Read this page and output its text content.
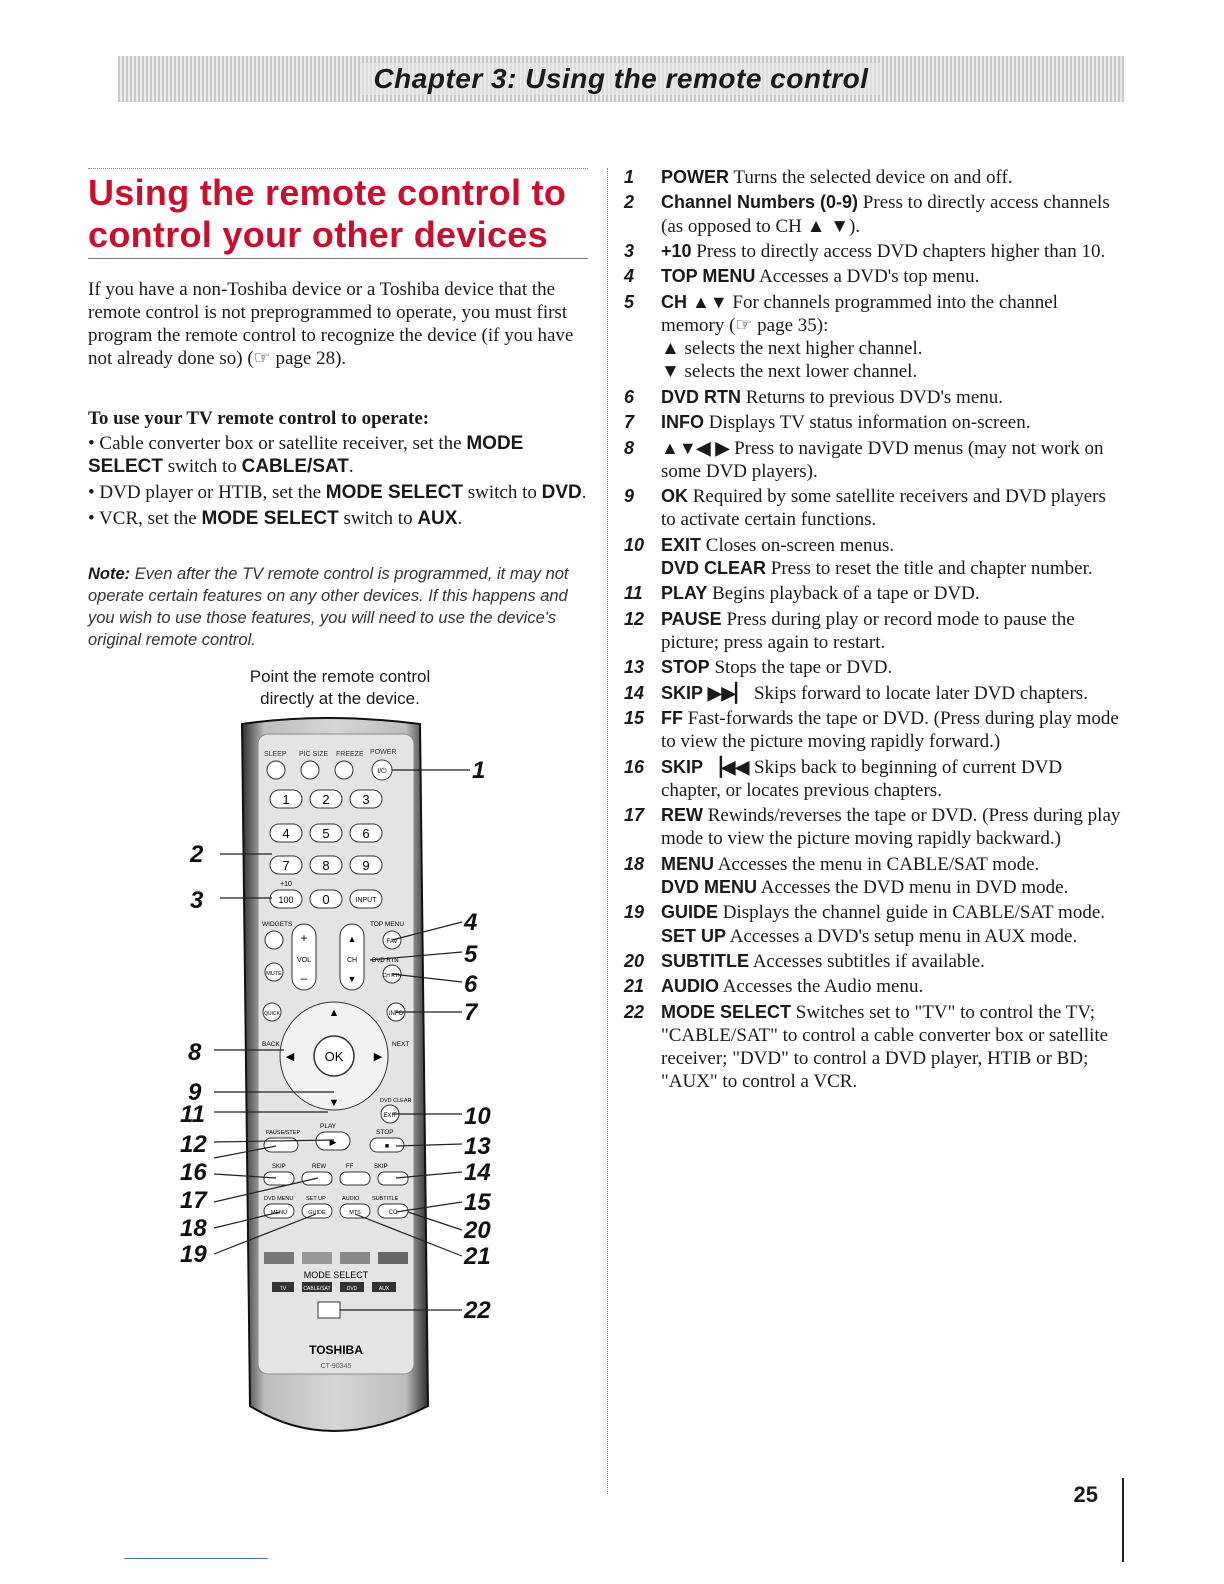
Chapter 3: Using the remote control
Using the remote control to control your other devices

If you have a non-Toshiba device or a Toshiba device that the remote control is not preprogrammed to operate, you must first program the remote control to recognize the device (if you have not already done so) (☞ page 28).

To use your TV remote control to operate:

• Cable converter box or satellite receiver, set the MODE SELECT switch to CABLE/SAT.
• DVD player or HTIB, set the MODE SELECT switch to DVD.
• VCR, set the MODE SELECT switch to AUX.

Note: Even after the TV remote control is programmed, it may not operate certain features on any other devices. If this happens and you wish to use those features, you will need to use the device's original remote control.

Point the remote control
directly at the device.

SLEEP PIC SIZE FREEZE POWER
I/⏻
1	2	3
4	5	6
7	8	9
+10
100 0	INPUT
WIDGETS	TOP MENU
FAV
+
VOL
–
▲
CH
▼
DVD RTN
MUTE	CH RTN
QUICK	INFO
▲
▼
◀	▶
OK
BACK	NEXT
DVD CLEAR
EXIT
PAUSE/STEP
PLAY
STOP
▶	■
SKIP	REW	FF	SKIP
DVD MENU SET UP	AUDIO SUBTITLE
MENU	GUIDE	MTS	CC
MODE SELECT
TV	CABLE/SAT	DVD	AUX
TOSHIBA
CT-90345
1
2
3
4
5
6
7
8
9
11	10
12	13
16	14
17	15
18	20
19	21
22
1	POWER Turns the selected device on and off.
2	Channel Numbers (0-9) Press to directly access channels (as opposed to CH ▲ ▼).
3	+10 Press to directly access DVD chapters higher than 10.
4	TOP MENU Accesses a DVD's top menu.
5	CH ▲▼ For channels programmed into the channel memory (☞ page 35):
▲ selects the next higher channel.
▼ selects the next lower channel.
6	DVD RTN Returns to previous DVD's menu.
7	INFO Displays TV status information on-screen.
8	▲▼◀ ▶ Press to navigate DVD menus (may not work on some DVD players).
9	OK Required by some satellite receivers and DVD players to activate certain functions.
10 EXIT Closes on-screen menus.
DVD CLEAR Press to reset the title and chapter number.
11	PLAY Begins playback of a tape or DVD.
12 PAUSE Press during play or record mode to pause the picture; press again to restart.
13 STOP Stops the tape or DVD.
14 SKIP ▶▶▏ Skips forward to locate later DVD chapters.
15 FF Fast-forwards the tape or DVD. (Press during play mode to view the picture moving rapidly forward.)
16 SKIP ▕◀◀ Skips back to beginning of current DVD chapter, or locates previous chapters.
17 REW Rewinds/reverses the tape or DVD. (Press during play mode to view the picture moving rapidly backward.)
18 MENU Accesses the menu in CABLE/SAT mode.
DVD MENU Accesses the DVD menu in DVD mode.
19 GUIDE Displays the channel guide in CABLE/SAT mode.
SET UP Accesses a DVD's setup menu in AUX mode.
20 SUBTITLE Accesses subtitles if available.
21 AUDIO Accesses the Audio menu.
22 MODE SELECT Switches set to "TV" to control the TV; "CABLE/SAT" to control a cable converter box or satellite receiver; "DVD" to control a DVD player, HTIB or BD; "AUX" to control a VCR.
25
